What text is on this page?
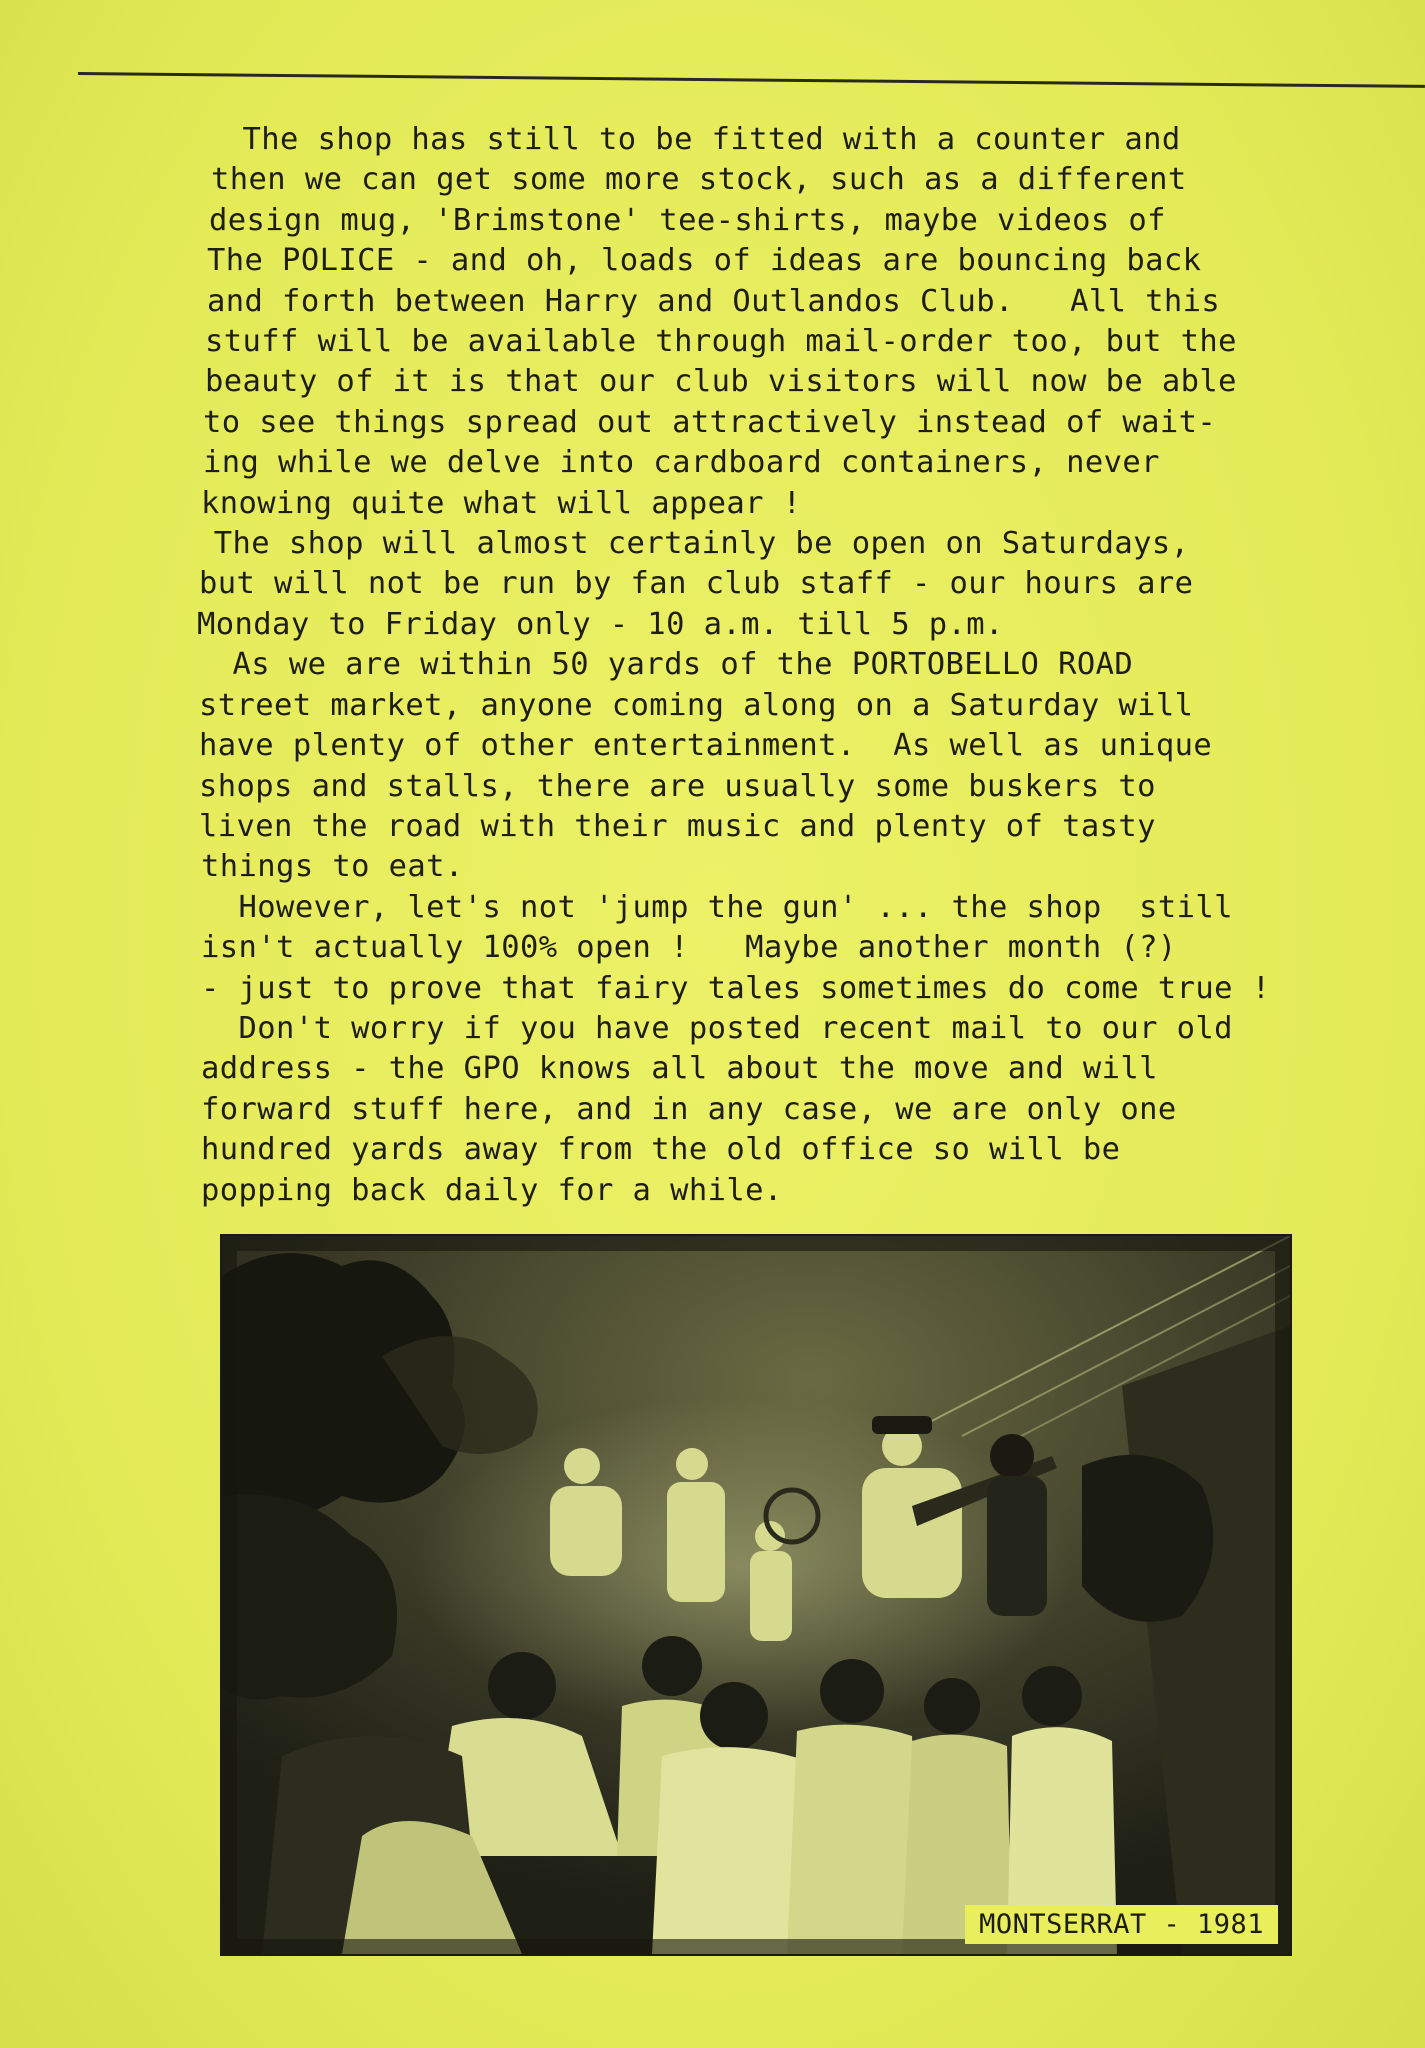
The shop has still to be fitted with a counter and
then we can get some more stock, such as a different
design mug, 'Brimstone' tee-shirts, maybe videos of
The POLICE - and oh, loads of ideas are bouncing back
and forth between Harry and Outlandos Club.   All this
stuff will be available through mail-order too, but the
beauty of it is that our club visitors will now be able
to see things spread out attractively instead of wait-
ing while we delve into cardboard containers, never
knowing quite what will appear !
The shop will almost certainly be open on Saturdays,
but will not be run by fan club staff - our hours are
Monday to Friday only - 10 a.m. till 5 p.m.
As we are within 50 yards of the PORTOBELLO ROAD
street market, anyone coming along on a Saturday will
have plenty of other entertainment.  As well as unique
shops and stalls, there are usually some buskers to
liven the road with their music and plenty of tasty
things to eat.
However, let's not 'jump the gun' ... the shop  still
isn't actually 100% open !   Maybe another month (?)
- just to prove that fairy tales sometimes do come true !
Don't worry if you have posted recent mail to our old
address - the GPO knows all about the move and will
forward stuff here, and in any case, we are only one
hundred yards away from the old office so will be
popping back daily for a while.
MONTSERRAT - 1981
